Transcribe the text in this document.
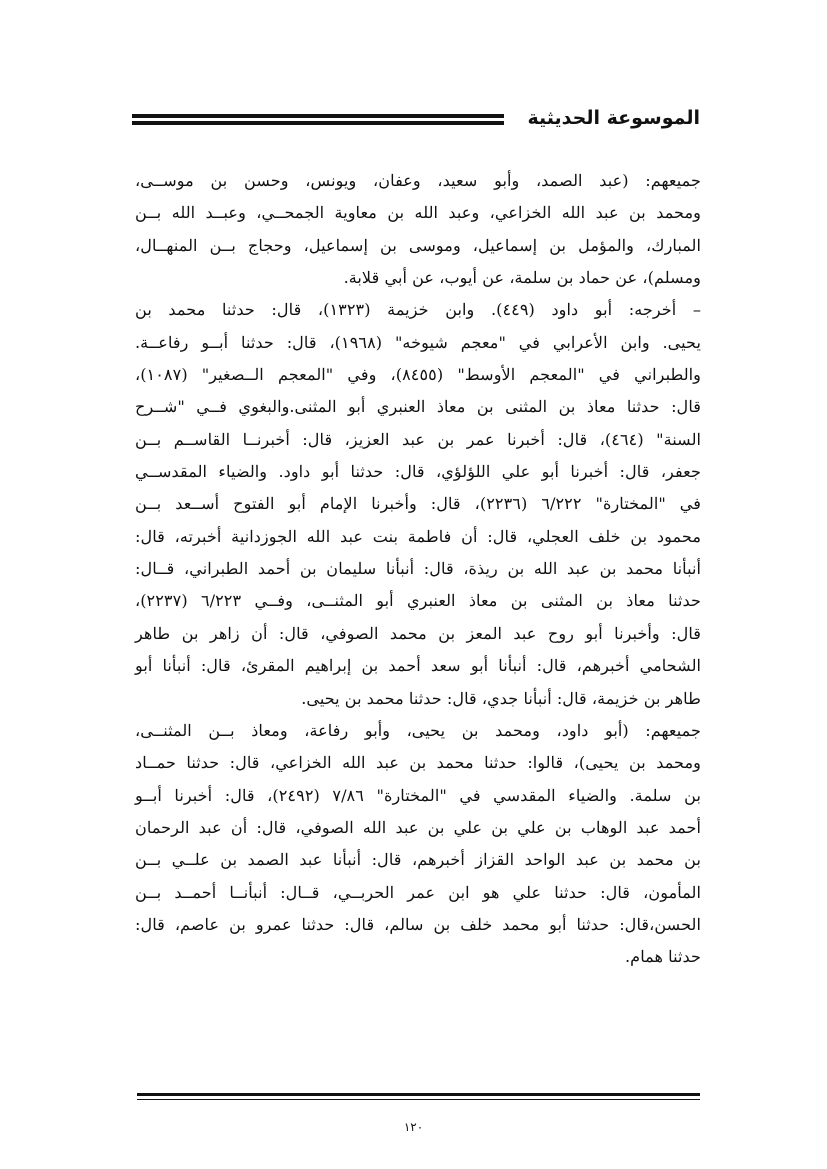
الموسوعة الحديثية

جميعهم: (عبد الصمد، وأبو سعيد، وعفان، ويونس، وحسن بن موســى،
ومحمد بن عبد الله الخزاعي، وعبد الله بن معاوية الجمحــي، وعبــد الله بــن
المبارك، والمؤمل بن إسماعيل، وموسى بن إسماعيل، وحجاج بــن المنهــال،
ومسلم)، عن حماد بن سلمة، عن أيوب، عن أبي قلابة.

– أخرجه: أبو داود (٤٤٩). وابن خزيمة (١٣٢٣)، قال: حدثنا محمد بن
يحيى. وابن الأعرابي في "معجم شيوخه" (١٩٦٨)، قال: حدثنا أبــو رفاعــة.
والطبراني في "المعجم الأوسط" (٨٤٥٥)، وفي "المعجم الــصغير" (١٠٨٧)،
قال: حدثنا معاذ بن المثنى بن معاذ العنبري أبو المثنى.والبغوي فــي "شــرح
السنة" (٤٦٤)، قال: أخبرنا عمر بن عبد العزيز، قال: أخبرنــا القاســم بــن
جعفر، قال: أخبرنا أبو علي اللؤلؤي، قال: حدثنا أبو داود. والضياء المقدســي
في "المختارة" ٦/٢٢٢ (٢٢٣٦)، قال: وأخبرنا الإمام أبو الفتوح أســعد بــن
محمود بن خلف العجلي، قال: أن فاطمة بنت عبد الله الجوزدانية أخبرته، قال:
أنبأنا محمد بن عبد الله بن ريذة، قال: أنبأنا سليمان بن أحمد الطبراني، قــال:
حدثنا معاذ بن المثنى بن معاذ العنبري أبو المثنــى، وفــي ٦/٢٢٣ (٢٢٣٧)،
قال: وأخبرنا أبو روح عبد المعز بن محمد الصوفي، قال: أن زاهر بن طاهر
الشحامي أخبرهم، قال: أنبأنا أبو سعد أحمد بن إبراهيم المقرئ، قال: أنبأنا أبو
طاهر بن خزيمة، قال: أنبأنا جدي، قال: حدثنا محمد بن يحيى.

جميعهم: (أبو داود، ومحمد بن يحيى، وأبو رفاعة، ومعاذ بــن المثنــى،
ومحمد بن يحيى)، قالوا: حدثنا محمد بن عبد الله الخزاعي، قال: حدثنا حمــاد
بن سلمة. والضياء المقدسي في "المختارة" ٧/٨٦ (٢٤٩٢)، قال: أخبرنا أبــو
أحمد عبد الوهاب بن علي بن علي بن عبد الله الصوفي، قال: أن عبد الرحمان
بن محمد بن عبد الواحد القزاز أخبرهم، قال: أنبأنا عبد الصمد بن علــي بــن
المأمون، قال: حدثنا علي هو ابن عمر الحربــي، قــال: أنبأنــا أحمــد بــن
الحسن،قال: حدثنا أبو محمد خلف بن سالم، قال: حدثنا عمرو بن عاصم، قال:
حدثنا همام.

١٢٠
